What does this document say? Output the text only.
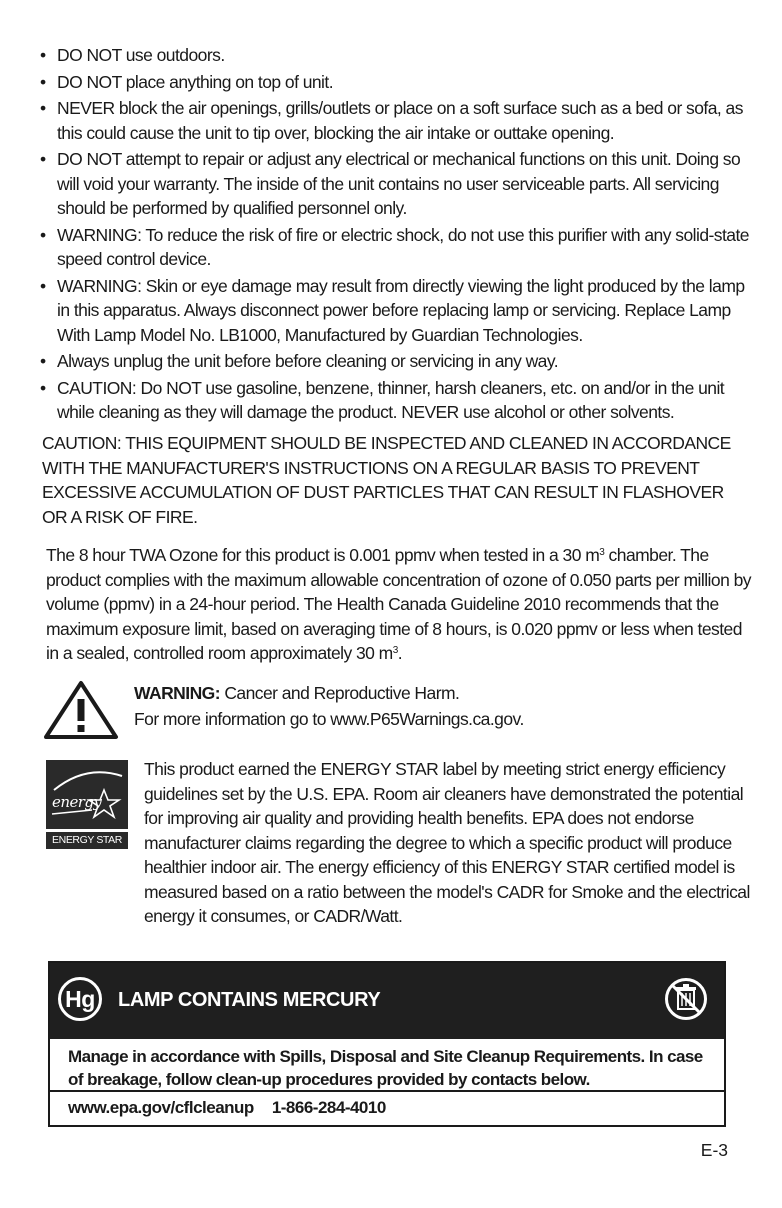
• DO NOT use outdoors.
• DO NOT place anything on top of unit.
• NEVER block the air openings, grills/outlets or place on a soft surface such as a bed or sofa, as this could cause the unit to tip over, blocking the air intake or outtake opening.
• DO NOT attempt to repair or adjust any electrical or mechanical functions on this unit. Doing so will void your warranty. The inside of the unit contains no user serviceable parts. All servicing should be performed by qualified personnel only.
• WARNING: To reduce the risk of fire or electric shock, do not use this purifier with any solid-state speed control device.
• WARNING: Skin or eye damage may result from directly viewing the light produced by the lamp in this apparatus. Always disconnect power before replacing lamp or servicing. Replace Lamp With Lamp Model No. LB1000, Manufactured by Guardian Technologies.
• Always unplug the unit before before cleaning or servicing in any way.
• CAUTION: Do NOT use gasoline, benzene, thinner, harsh cleaners, etc. on and/or in the unit while cleaning as they will damage the product. NEVER use alcohol or other solvents.
CAUTION: THIS EQUIPMENT SHOULD BE INSPECTED AND CLEANED IN ACCORDANCE WITH THE MANUFACTURER'S INSTRUCTIONS ON A REGULAR BASIS TO PREVENT EXCESSIVE ACCUMULATION OF DUST PARTICLES THAT CAN RESULT IN FLASHOVER OR A RISK OF FIRE.
The 8 hour TWA Ozone for this product is 0.001 ppmv when tested in a 30 $m^3$ chamber. The product complies with the maximum allowable concentration of ozone of 0.050 parts per million by volume (ppmv) in a 24-hour period. The Health Canada Guideline 2010 recommends that the maximum exposure limit, based on averaging time of 8 hours, is 0.020 ppmv or less when tested in a sealed, controlled room approximately 30 $m^3$.
WARNING: Cancer and Reproductive Harm.
For more information go to www.P65Warnings.ca.gov.
energy
ENERGY STAR
This product earned the ENERGY STAR label by meeting strict energy efficiency guidelines set by the U.S. EPA. Room air cleaners have demonstrated the potential for improving air quality and providing health benefits. EPA does not endorse manufacturer claims regarding the degree to which a specific product will produce healthier indoor air. The energy efficiency of this ENERGY STAR certified model is measured based on a ratio between the model's CADR for Smoke and the electrical energy it consumes, or CADR/Watt.
Hg	LAMP CONTAINS MERCURY
Manage in accordance with Spills, Disposal and Site Cleanup Requirements. In case of breakage, follow clean-up procedures provided by contacts below.
www.epa.gov/cflcleanup 1-866-284-4010
E-3
